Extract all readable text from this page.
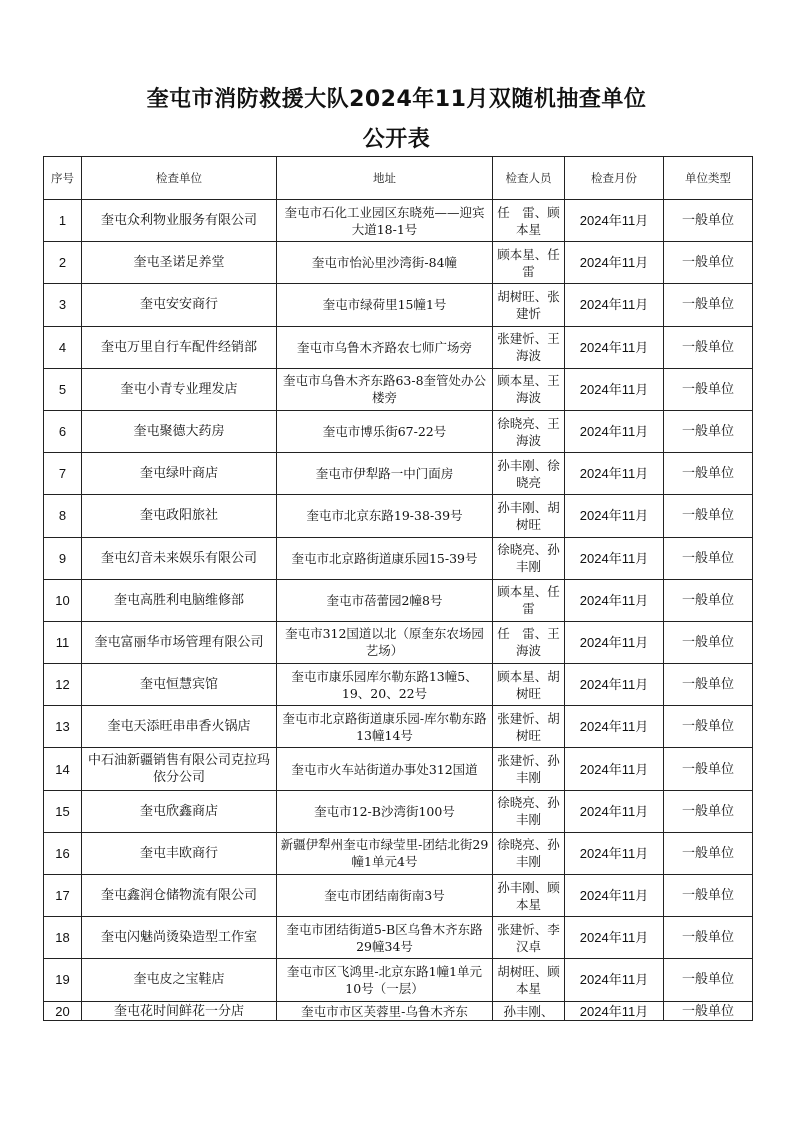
奎屯市消防救援大队2024年11月双随机抽查单位
公开表
序号	检查单位	地址	检查人员	检查月份	单位类型
1	奎屯众利物业服务有限公司	奎屯市石化工业园区东晓苑——迎宾大道18-1号	任　雷、顾本星	2024年11月	一般单位
2	奎屯圣诺足养堂	奎屯市怡沁里沙湾街-84幢	顾本星、任　雷	2024年11月	一般单位
3	奎屯安安商行	奎屯市绿荷里15幢1号	胡树旺、张建忻	2024年11月	一般单位
4	奎屯万里自行车配件经销部	奎屯市乌鲁木齐路农七师广场旁	张建忻、王海波	2024年11月	一般单位
5	奎屯小青专业理发店	奎屯市乌鲁木齐东路63-8奎管处办公楼旁	顾本星、王海波	2024年11月	一般单位
6	奎屯聚德大药房	奎屯市博乐街67-22号	徐晓亮、王海波	2024年11月	一般单位
7	奎屯绿叶商店	奎屯市伊犁路一中门面房	孙丰刚、徐晓亮	2024年11月	一般单位
8	奎屯政阳旅社	奎屯市北京东路19-38-39号	孙丰刚、胡树旺	2024年11月	一般单位
9	奎屯幻音未来娱乐有限公司	奎屯市北京路街道康乐园15-39号	徐晓亮、孙丰刚	2024年11月	一般单位
10	奎屯高胜利电脑维修部	奎屯市蓓蕾园2幢8号	顾本星、任　雷	2024年11月	一般单位
11	奎屯富丽华市场管理有限公司	奎屯市312国道以北（原奎东农场园艺场）	任　雷、王海波	2024年11月	一般单位
12	奎屯恒慧宾馆	奎屯市康乐园库尔勒东路13幢5、19、20、22号	顾本星、胡树旺	2024年11月	一般单位
13	奎屯天添旺串串香火锅店	奎屯市北京路街道康乐园-库尔勒东路13幢14号	张建忻、胡树旺	2024年11月	一般单位
14	中石油新疆销售有限公司克拉玛依分公司	奎屯市火车站街道办事处312国道	张建忻、孙丰刚	2024年11月	一般单位
15	奎屯欣鑫商店	奎屯市12-B沙湾街100号	徐晓亮、孙丰刚	2024年11月	一般单位
16	奎屯丰欧商行	新疆伊犁州奎屯市绿莹里-团结北街29幢1单元4号	徐晓亮、孙丰刚	2024年11月	一般单位
17	奎屯鑫润仓储物流有限公司	奎屯市团结南街南3号	孙丰刚、顾本星	2024年11月	一般单位
18	奎屯闪魅尚烫染造型工作室	奎屯市团结街道5-B区乌鲁木齐东路29幢34号	张建忻、李汉卓	2024年11月	一般单位
19	奎屯皮之宝鞋店	奎屯市区飞鸿里-北京东路1幢1单元10号（一层）	胡树旺、顾本星	2024年11月	一般单位
20	奎屯花时间鲜花一分店	奎屯市市区芙蓉里-乌鲁木齐东	孙丰刚、	2024年11月	一般单位
